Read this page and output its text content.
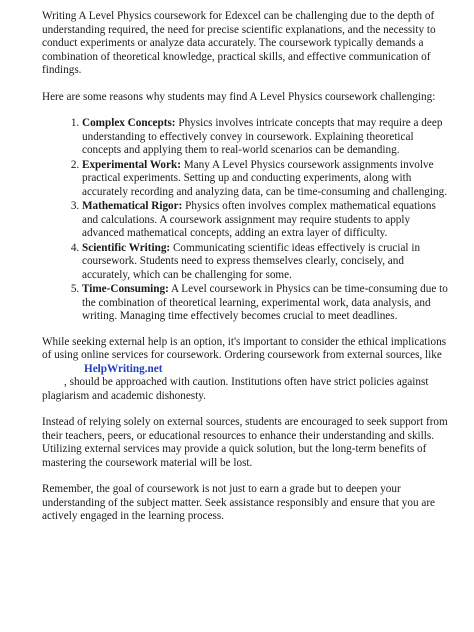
Writing A Level Physics coursework for Edexcel can be challenging due to the depth of understanding required, the need for precise scientific explanations, and the necessity to conduct experiments or analyze data accurately. The coursework typically demands a combination of theoretical knowledge, practical skills, and effective communication of findings.

Here are some reasons why students may find A Level Physics coursework challenging:

1. Complex Concepts: Physics involves intricate concepts that may require a deep understanding to effectively convey in coursework. Explaining theoretical concepts and applying them to real-world scenarios can be demanding.
2. Experimental Work: Many A Level Physics coursework assignments involve practical experiments. Setting up and conducting experiments, along with accurately recording and analyzing data, can be time-consuming and challenging.
3. Mathematical Rigor: Physics often involves complex mathematical equations and calculations. A coursework assignment may require students to apply advanced mathematical concepts, adding an extra layer of difficulty.
4. Scientific Writing: Communicating scientific ideas effectively is crucial in coursework. Students need to express themselves clearly, concisely, and accurately, which can be challenging for some.
5. Time-Consuming: A Level coursework in Physics can be time-consuming due to the combination of theoretical learning, experimental work, data analysis, and writing. Managing time effectively becomes crucial to meet deadlines.

While seeking external help is an option, it's important to consider the ethical implications of using online services for coursework. Ordering coursework from external sources, likeHelpWriting.net
, should be approached with caution. Institutions often have strict policies against plagiarism and academic dishonesty.

Instead of relying solely on external sources, students are encouraged to seek support from their teachers, peers, or educational resources to enhance their understanding and skills. Utilizing external services may provide a quick solution, but the long-term benefits of mastering the coursework material will be lost.

Remember, the goal of coursework is not just to earn a grade but to deepen your understanding of the subject matter. Seek assistance responsibly and ensure that you are actively engaged in the learning process.
